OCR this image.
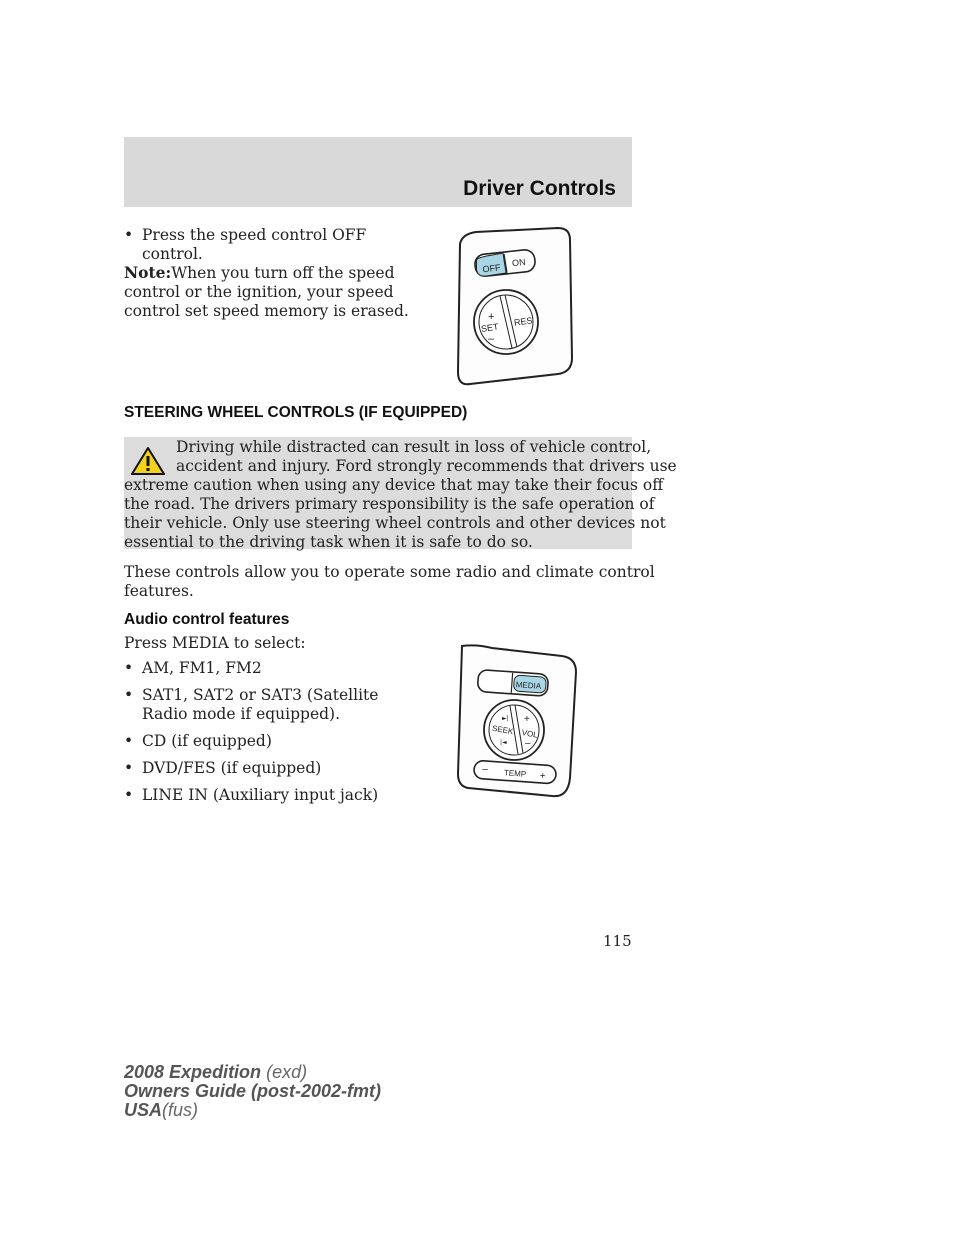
Driver Controls
• Press the speed control OFF
control.
Note:When you turn off the speed
control or the ignition, your speed
control set speed memory is erased.
OFF ON
+
SET
–
RES
STEERING WHEEL CONTROLS (IF EQUIPPED)
Driving while distracted can result in loss of vehicle control,
accident and injury. Ford strongly recommends that drivers use
extreme caution when using any device that may take their focus off
the road. The drivers primary responsibility is the safe operation of
their vehicle. Only use steering wheel controls and other devices not
essential to the driving task when it is safe to do so.
These controls allow you to operate some radio and climate control
features.
Audio control features
Press MEDIA to select:
• AM, FM1, FM2
• SAT1, SAT2 or SAT3 (Satellite
Radio mode if equipped).
• CD (if equipped)
• DVD/FES (if equipped)
• LINE IN (Auxiliary input jack)
MEDIA
►|
SEEK
|◄
+
VOL
–
– TEMP +
115
2008 Expedition (exd)
Owners Guide (post-2002-fmt)
USA(fus)
